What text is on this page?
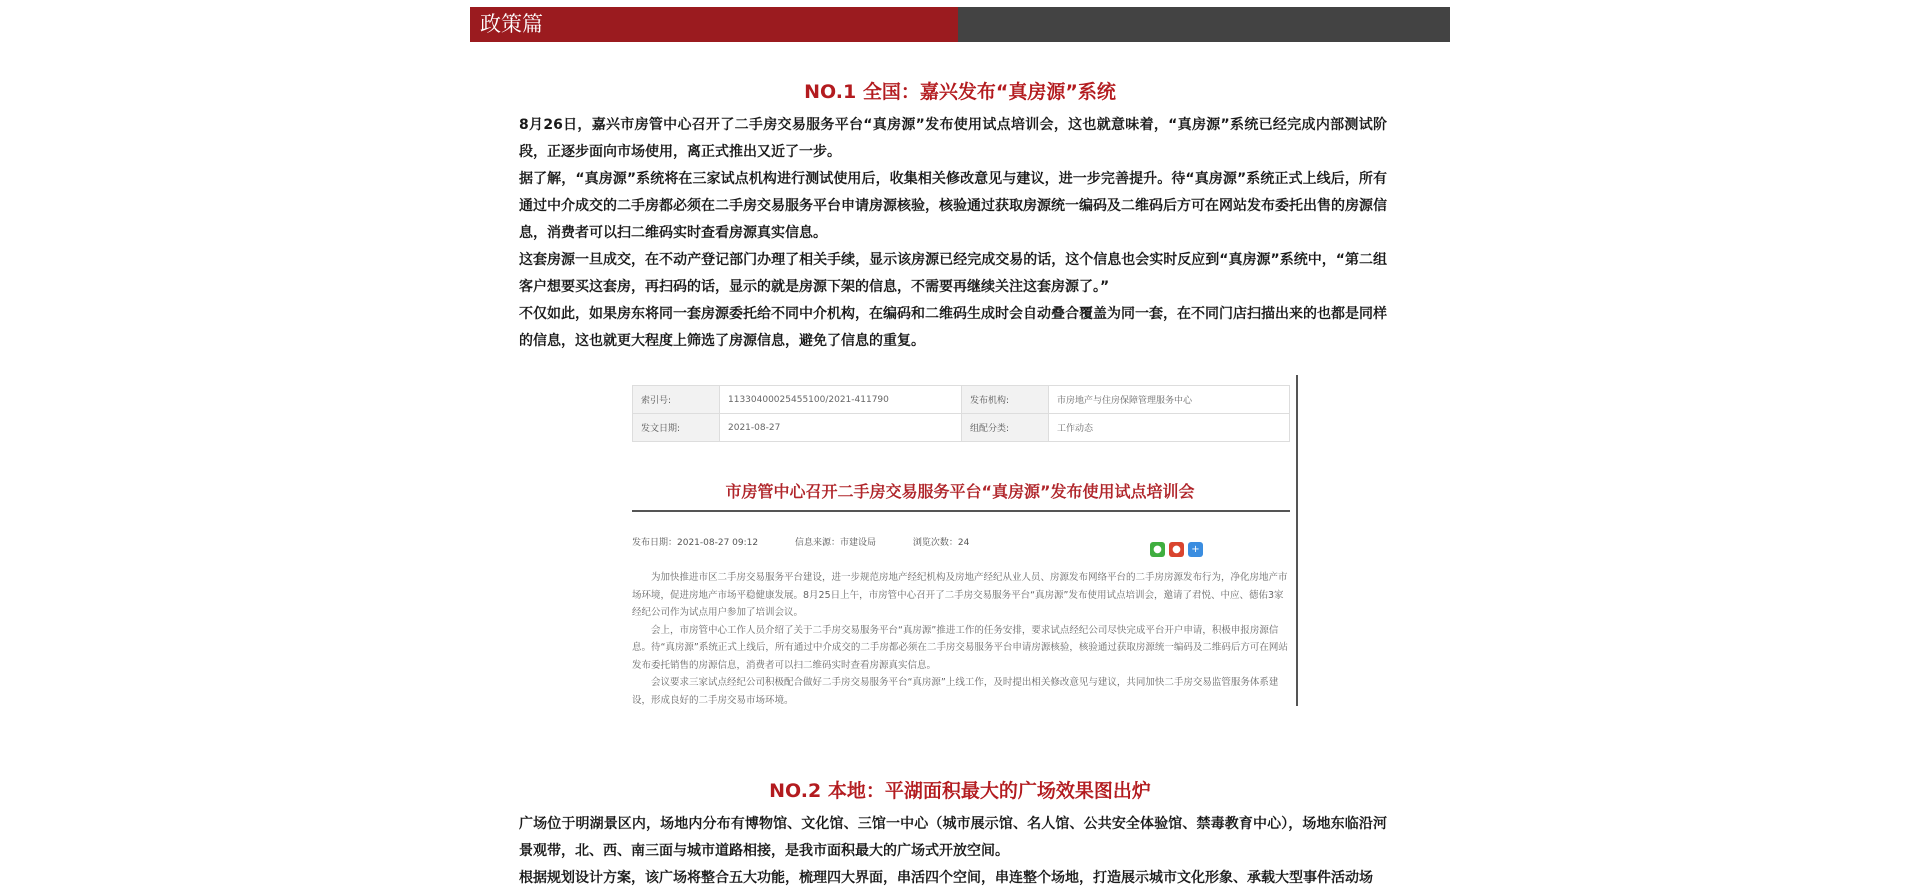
政策篇
NO.1 全国：嘉兴发布“真房源”系统

8月26日，嘉兴市房管中心召开了二手房交易服务平台“真房源”发布使用试点培训会，这也就意味着，“真房源”系统已经完成内部测试阶段，正逐步面向市场使用，离正式推出又近了一步。

据了解，“真房源”系统将在三家试点机构进行测试使用后，收集相关修改意见与建议，进一步完善提升。待“真房源”系统正式上线后，所有通过中介成交的二手房都必须在二手房交易服务平台申请房源核验，核验通过获取房源统一编码及二维码后方可在网站发布委托出售的房源信息，消费者可以扫二维码实时查看房源真实信息。

这套房源一旦成交，在不动产登记部门办理了相关手续，显示该房源已经完成交易的话，这个信息也会实时反应到“真房源”系统中，“第二组客户想要买这套房，再扫码的话，显示的就是房源下架的信息，不需要再继续关注这套房源了。”

不仅如此，如果房东将同一套房源委托给不同中介机构，在编码和二维码生成时会自动叠合覆盖为同一套，在不同门店扫描出来的也都是同样的信息，这也就更大程度上筛选了房源信息，避免了信息的重复。

索引号:	11330400025455100/2021-411790	发布机构:	市房地产与住房保障管理服务中心
发文日期:	2021-08-27	组配分类:	工作动态
市房管中心召开二手房交易服务平台“真房源”发布使用试点培训会
发布日期：2021-08-27 09:12	信息来源：市建设局	浏览次数：24
●	●	+

为加快推进市区二手房交易服务平台建设，进一步规范房地产经纪机构及房地产经纪从业人员、房源发布网络平台的二手房房源发布行为，净化房地产市场环境，促进房地产市场平稳健康发展。8月25日上午，市房管中心召开了二手房交易服务平台“真房源”发布使用试点培训会，邀请了君悦、中应、德佑3家经纪公司作为试点用户参加了培训会议。

会上，市房管中心工作人员介绍了关于二手房交易服务平台“真房源”推进工作的任务安排，要求试点经纪公司尽快完成平台开户申请，积极申报房源信息。待“真房源”系统正式上线后，所有通过中介成交的二手房都必须在二手房交易服务平台申请房源核验，核验通过获取房源统一编码及二维码后方可在网站发布委托销售的房源信息，消费者可以扫二维码实时查看房源真实信息。

会议要求三家试点经纪公司积极配合做好二手房交易服务平台“真房源”上线工作，及时提出相关修改意见与建议，共同加快二手房交易监管服务体系建设，形成良好的二手房交易市场环境。

NO.2 本地：平湖面积最大的广场效果图出炉

广场位于明湖景区内，场地内分布有博物馆、文化馆、三馆一中心（城市展示馆、名人馆、公共安全体验馆、禁毒教育中心），场地东临沿河景观带，北、西、南三面与城市道路相接，是我市面积最大的广场式开放空间。

根据规划设计方案，该广场将整合五大功能，梳理四大界面，串活四个空间，串连整个场地，打造展示城市文化形象、承载大型事件活动场
